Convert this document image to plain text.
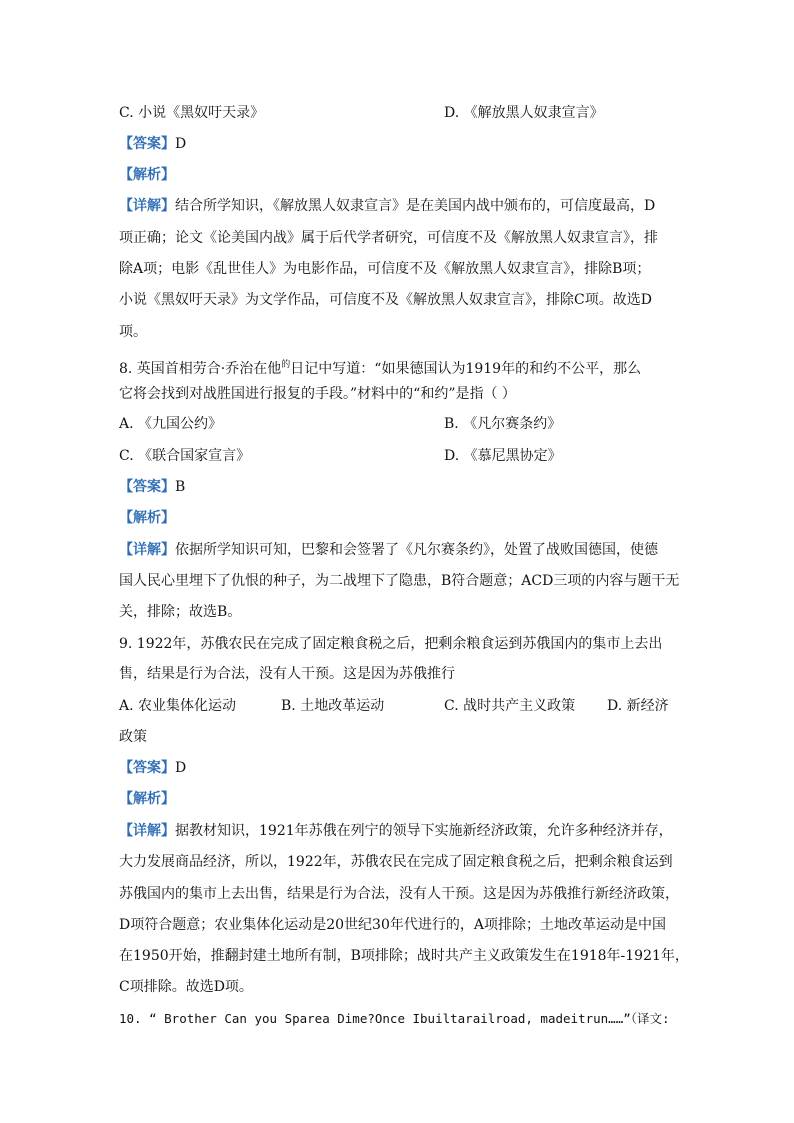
C. 小说《黑奴吁天录》	D. 《解放黑人奴隶宣言》
【答案】D
【解析】
【详解】结合所学知识，《解放黑人奴隶宣言》是在美国内战中颁布的，可信度最高，D
项正确；论文《论美国内战》属于后代学者研究，可信度不及《解放黑人奴隶宣言》，排
除A项；电影《乱世佳人》为电影作品，可信度不及《解放黑人奴隶宣言》，排除B项；
小说《黑奴吁天录》为文学作品，可信度不及《解放黑人奴隶宣言》，排除C项。故选D
项。
8. 英国首相劳合·乔治在他$^的$日记中写道：“如果德国认为1919年的和约不公平，那么
它将会找到对战胜国进行报复的手段。”材料中的“和约”是指（ ）
A. 《九国公约》	B. 《凡尔赛条约》
C. 《联合国家宣言》	D. 《慕尼黑协定》
【答案】B
【解析】
【详解】依据所学知识可知，巴黎和会签署了《凡尔赛条约》，处置了战败国德国，使德
国人民心里埋下了仇恨的种子，为二战埋下了隐患，B符合题意；ACD三项的内容与题干无
关，排除；故选B。
9. 1922年，苏俄农民在完成了固定粮食税之后，把剩余粮食运到苏俄国内的集市上去出
售，结果是行为合法，没有人干预。这是因为苏俄推行
A. 农业集体化运动	B. 土地改革运动	C. 战时共产主义政策 D. 新经济
政策
【答案】D
【解析】
【详解】据教材知识，1921年苏俄在列宁的领导下实施新经济政策，允许多种经济并存，
大力发展商品经济，所以，1922年，苏俄农民在完成了固定粮食税之后，把剩余粮食运到
苏俄国内的集市上去出售，结果是行为合法，没有人干预。这是因为苏俄推行新经济政策，
D项符合题意；农业集体化运动是20世纪30年代进行的，A项排除；土地改革运动是中国
在1950开始，推翻封建土地所有制，B项排除；战时共产主义政策发生在1918年-1921年，
C项排除。故选D项。
10. “ Brother Can you Sparea Dime?Once Ibuiltarailroad, madeitrun……”（译文:
